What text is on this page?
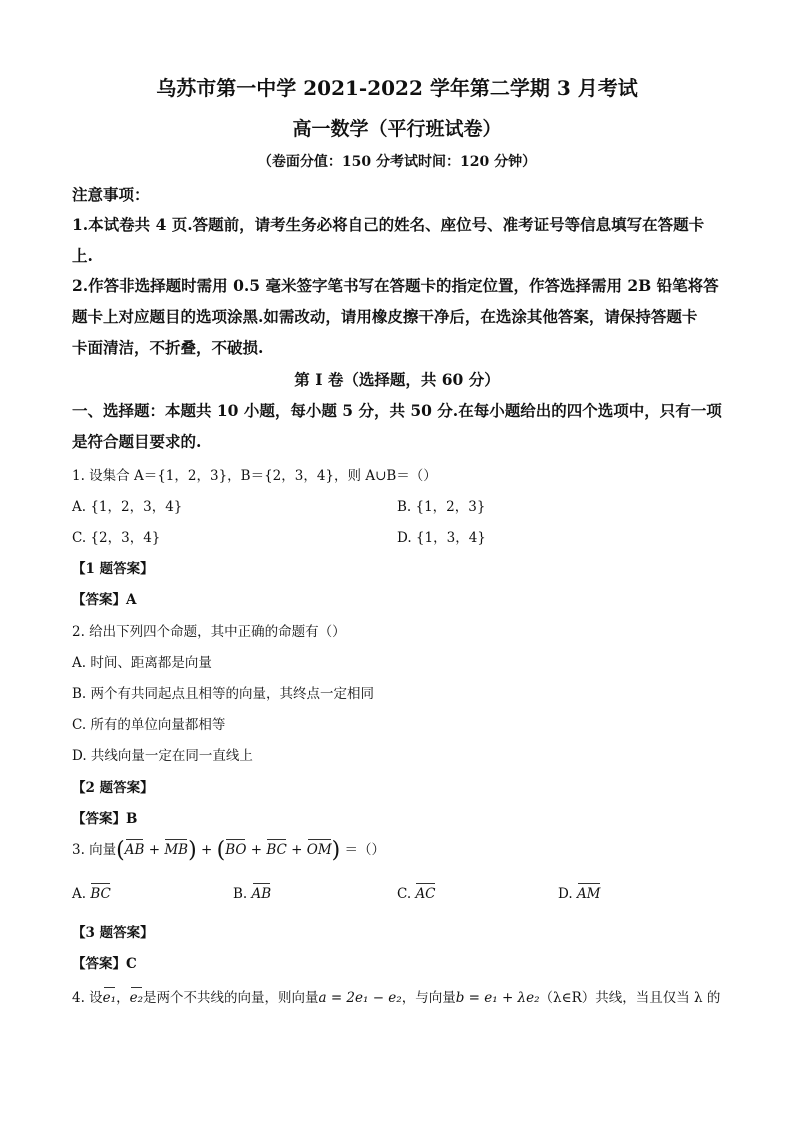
乌苏市第一中学 2021-2022 学年第二学期 3 月考试
高一数学（平行班试卷）
（卷面分值：150 分考试时间：120 分钟）
注意事项：
1.本试卷共 4 页.答题前，请考生务必将自己的姓名、座位号、准考证号等信息填写在答题卡
上.
2.作答非选择题时需用 0.5 毫米签字笔书写在答题卡的指定位置，作答选择需用 2B 铅笔将答
题卡上对应题目的选项涂黑.如需改动，请用橡皮擦干净后，在选涂其他答案，请保持答题卡
卡面清洁，不折叠，不破损.
第 I 卷（选择题，共 60 分）
一、选择题：本题共 10 小题，每小题 5 分，共 50 分.在每小题给出的四个选项中，只有一项
是符合题目要求的.
1. 设集合 A＝{1，2，3}，B＝{2，3，4}，则 A∪B＝（）
A. {1，2，3，4}	B. {1，2，3}
C. {2，3，4}	D. {1，3，4}
【1 题答案】
【答案】A
2. 给出下列四个命题，其中正确的命题有（）
A. 时间、距离都是向量
B. 两个有共同起点且相等的向量，其终点一定相同
C. 所有的单位向量都相等
D. 共线向量一定在同一直线上
【2 题答案】
【答案】B
3. 向量(AB + MB) + (BO + BC + OM) ＝（）
A. BC	B. AB	C. AC	D. AM
【3 题答案】
【答案】C
4. 设e₁，e₂是两个不共线的向量，则向量a = 2e₁ − e₂，与向量b = e₁ + λe₂（λ∈R）共线，当且仅当 λ 的
